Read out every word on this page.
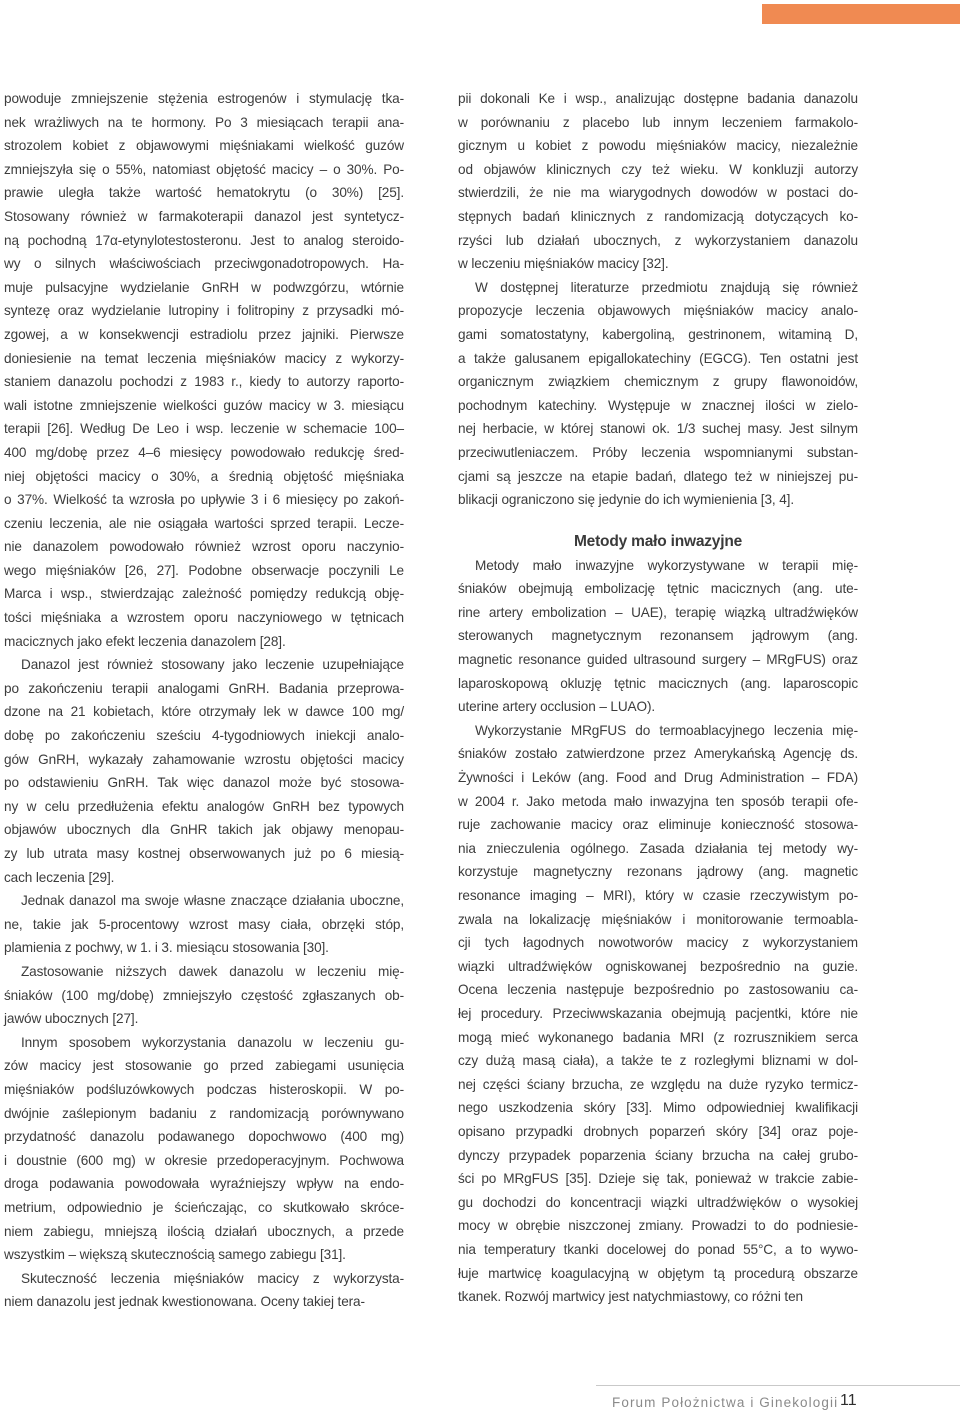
powoduje zmniejszenie stężenia estrogenów i stymulację tka-
nek wrażliwych na te hormony. Po 3 miesiącach terapii ana-
strozolem kobiet z objawowymi mięśniakami wielkość guzów
zmniejszyła się o 55%, natomiast objętość macicy – o 30%. Po-
prawie uległa także wartość hematokrytu (o 30%) [25].
Stosowany również w farmakoterapii danazol jest syntetycz-
ną pochodną 17α-etynylotestosteronu. Jest to analog steroido-
wy o silnych właściwościach przeciwgonadotropowych. Ha-
muje pulsacyjne wydzielanie GnRH w podwzgórzu, wtórnie
syntezę oraz wydzielanie lutropiny i folitropiny z przysadki mó-
zgowej, a w konsekwencji estradiolu przez jajniki. Pierwsze
doniesienie na temat leczenia mięśniaków macicy z wykorzy-
staniem danazolu pochodzi z 1983 r., kiedy to autorzy raporto-
wali istotne zmniejszenie wielkości guzów macicy w 3. miesiącu
terapii [26]. Według De Leo i wsp. leczenie w schemacie 100–
400 mg/dobę przez 4–6 miesięcy powodowało redukcję śred-
niej objętości macicy o 30%, a średnią objętość mięśniaka
o 37%. Wielkość ta wzrosła po upływie 3 i 6 miesięcy po zakoń-
czeniu leczenia, ale nie osiągała wartości sprzed terapii. Lecze-
nie danazolem powodowało również wzrost oporu naczynio-
wego mięśniaków [26, 27]. Podobne obserwacje poczynili Le
Marca i wsp., stwierdzając zależność pomiędzy redukcją obję-
tości mięśniaka a wzrostem oporu naczyniowego w tętnicach
macicznych jako efekt leczenia danazolem [28].

Danazol jest również stosowany jako leczenie uzupełniające
po zakończeniu terapii analogami GnRH. Badania przeprowa-
dzone na 21 kobietach, które otrzymały lek w dawce 100 mg/
dobę po zakończeniu sześciu 4-tygodniowych iniekcji analo-
gów GnRH, wykazały zahamowanie wzrostu objętości macicy
po odstawieniu GnRH. Tak więc danazol może być stosowa-
ny w celu przedłużenia efektu analogów GnRH bez typowych
objawów ubocznych dla GnHR takich jak objawy menopau-
zy lub utrata masy kostnej obserwowanych już po 6 miesią-
cach leczenia [29].

Jednak danazol ma swoje własne znaczące działania uboczne,
ne, takie jak 5-procentowy wzrost masy ciała, obrzęki stóp,
plamienia z pochwy, w 1. i 3. miesiącu stosowania [30].

Zastosowanie niższych dawek danazolu w leczeniu mię-
śniaków (100 mg/dobę) zmniejszyło częstość zgłaszanych ob-
jawów ubocznych [27].

Innym sposobem wykorzystania danazolu w leczeniu gu-
zów macicy jest stosowanie go przed zabiegami usunięcia
mięśniaków podśluzówkowych podczas histeroskopii. W po-
dwójnie zaślepionym badaniu z randomizacją porównywano
przydatność danazolu podawanego dopochwowo (400 mg)
i doustnie (600 mg) w okresie przedoperacyjnym. Pochwowa
droga podawania powodowała wyraźniejszy wpływ na endo-
metrium, odpowiednio je ścieńczając, co skutkowało skróce-
niem zabiegu, mniejszą ilością działań ubocznych, a przede
wszystkim – większą skutecznością samego zabiegu [31].

Skuteczność leczenia mięśniaków macicy z wykorzysta-
niem danazolu jest jednak kwestionowana. Oceny takiej tera-

pii dokonali Ke i wsp., analizując dostępne badania danazolu
w porównaniu z placebo lub innym leczeniem farmakolo-
gicznym u kobiet z powodu mięśniaków macicy, niezależnie
od objawów klinicznych czy też wieku. W konkluzji autorzy
stwierdzili, że nie ma wiarygodnych dowodów w postaci do-
stępnych badań klinicznych z randomizacją dotyczących ko-
rzyści lub działań ubocznych, z wykorzystaniem danazolu
w leczeniu mięśniaków macicy [32].

W dostępnej literaturze przedmiotu znajdują się również
propozycje leczenia objawowych mięśniaków macicy analo-
gami somatostatyny, kabergoliną, gestrinonem, witaminą D,
a także galusanem epigallokatechiny (EGCG). Ten ostatni jest
organicznym związkiem chemicznym z grupy flawonoidów,
pochodnym katechiny. Występuje w znacznej ilości w zielo-
nej herbacie, w której stanowi ok. 1/3 suchej masy. Jest silnym
przeciwutleniaczem. Próby leczenia wspomnianymi substan-
cjami są jeszcze na etapie badań, dlatego też w niniejszej pu-
blikacji ograniczono się jedynie do ich wymienienia [3, 4].

Metody mało inwazyjne

Metody mało inwazyjne wykorzystywane w terapii mię-
śniaków obejmują embolizację tętnic macicznych (ang. ute-
rine artery embolization – UAE), terapię wiązką ultradźwięków
sterowanych magnetycznym rezonansem jądrowym (ang.
magnetic resonance guided ultrasound surgery – MRgFUS) oraz
laparoskopową okluzję tętnic macicznych (ang. laparoscopic
uterine artery occlusion – LUAO).

Wykorzystanie MRgFUS do termoablacyjnego leczenia mię-
śniaków zostało zatwierdzone przez Amerykańską Agencję ds.
Żywności i Leków (ang. Food and Drug Administration – FDA)
w 2004 r. Jako metoda mało inwazyjna ten sposób terapii ofe-
ruje zachowanie macicy oraz eliminuje konieczność stosowa-
nia znieczulenia ogólnego. Zasada działania tej metody wy-
korzystuje magnetyczny rezonans jądrowy (ang. magnetic
resonance imaging – MRI), który w czasie rzeczywistym po-
zwala na lokalizację mięśniaków i monitorowanie termoabla-
cji tych łagodnych nowotworów macicy z wykorzystaniem
wiązki ultradźwięków ogniskowanej bezpośrednio na guzie.
Ocena leczenia następuje bezpośrednio po zastosowaniu ca-
łej procedury. Przeciwwskazania obejmują pacjentki, które nie
mogą mieć wykonanego badania MRI (z rozrusznikiem serca
czy dużą masą ciała), a także te z rozległymi bliznami w dol-
nej części ściany brzucha, ze względu na duże ryzyko termicz-
nego uszkodzenia skóry [33]. Mimo odpowiedniej kwalifikacji
opisano przypadki drobnych poparzeń skóry [34] oraz poje-
dynczy przypadek poparzenia ściany brzucha na całej grubo-
ści po MRgFUS [35]. Dzieje się tak, ponieważ w trakcie zabie-
gu dochodzi do koncentracji wiązki ultradźwięków o wysokiej
mocy w obrębie niszczonej zmiany. Prowadzi to do podniesie-
nia temperatury tkanki docelowej do ponad 55°C, a to wywo-
łuje martwicę koagulacyjną w objętym tą procedurą obszarze
tkanek. Rozwój martwicy jest natychmiastowy, co różni ten

Forum Położnictwa i Ginekologii 11
